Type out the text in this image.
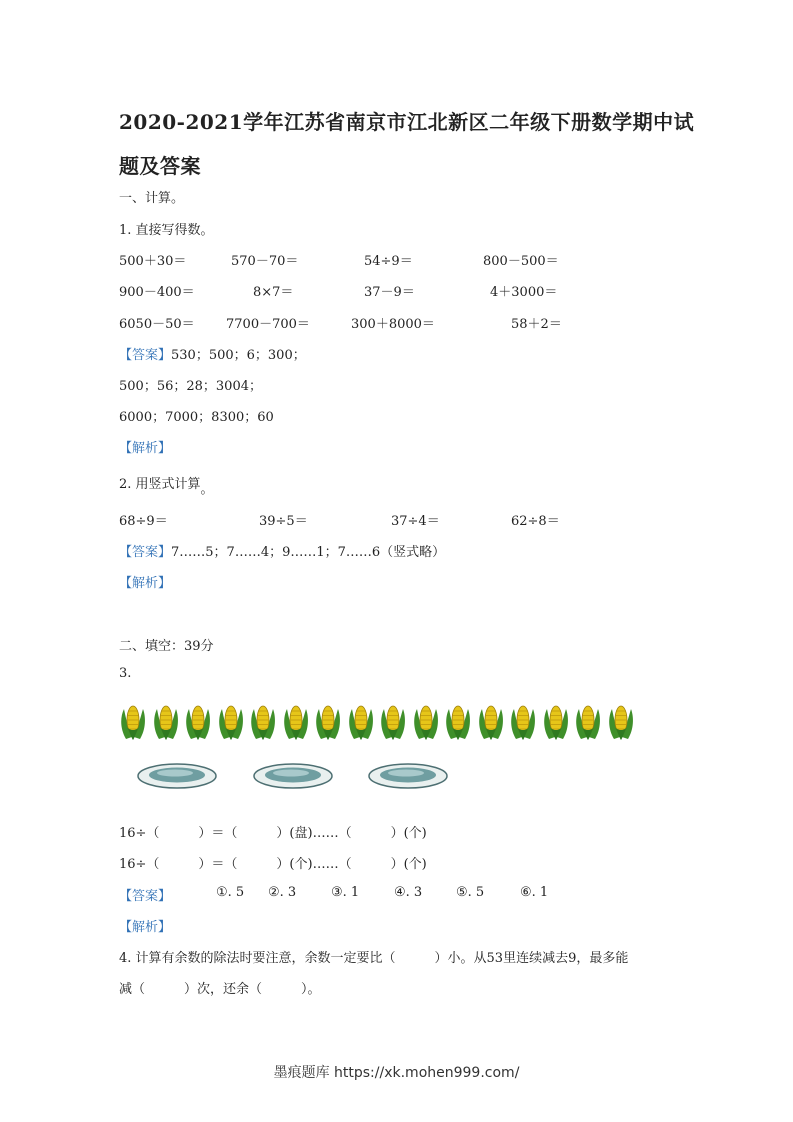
2020-2021学年江苏省南京市江北新区二年级下册数学期中试题及答案
一、计算。
1. 直接写得数。
500＋30＝	570－70＝	54÷9＝	800－500＝
900－400＝	8×7＝	37－9＝	4＋3000＝
6050－50＝ 7700－700＝	300＋8000＝	58＋2＝
【答案】530；500；6；300；
500；56；28；3004；
6000；7000；8300；60
【解析】
2. 用竖式计算。
68÷9＝	39÷5＝	37÷4＝	62÷8＝
【答案】7……5；7……4；9……1；7……6（竖式略）
【解析】
二、填空：39分
3.
16÷（　　　）＝（　　　）(盘)……（　　　）(个)
16÷（　　　）＝（　　　）(个)……（　　　）(个)
【答案】	①. 5 ②. 3	③. 1	④. 3	⑤. 5	⑥. 1
【解析】
4. 计算有余数的除法时要注意，余数一定要比（　　　）小。从53里连续减去9，最多能
减（　　　）次，还余（　　　）。
墨痕题库 https://xk.mohen999.com/
